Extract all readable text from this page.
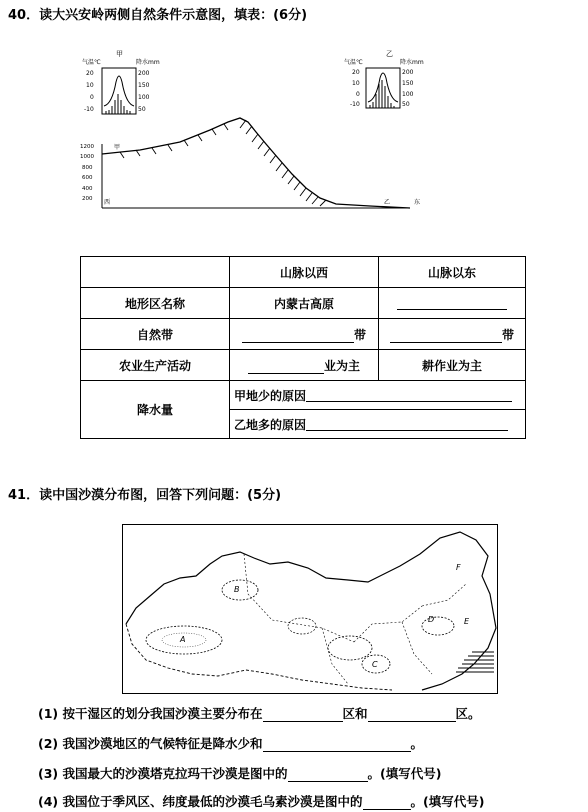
40．读大兴安岭两侧自然条件示意图，填表：(6分)
甲
气温℃	降水mm
20
10
0
-10
200
150
100
50
乙
气温℃	降水mm
20
10
0
-10
200
150
100
50
1200
1000
800
600
400
200 西	东
甲
乙
	山脉以西	山脉以东
地形区名称	内蒙古高原	
自然带	带	带
农业生产活动	业为主	耕作业为主
降水量	甲地少的原因
乙地多的原因	
41．读中国沙漠分布图，回答下列问题：(5分)
B
A
C
D	E
F
(1) 按干湿区的划分我国沙漠主要分布在	区和	区。
(2) 我国沙漠地区的气候特征是降水少和	。
(3) 我国最大的沙漠塔克拉玛干沙漠是图中的	。(填写代号)
(4) 我国位于季风区、纬度最低的沙漠毛乌素沙漠是图中的	。(填写代号)
